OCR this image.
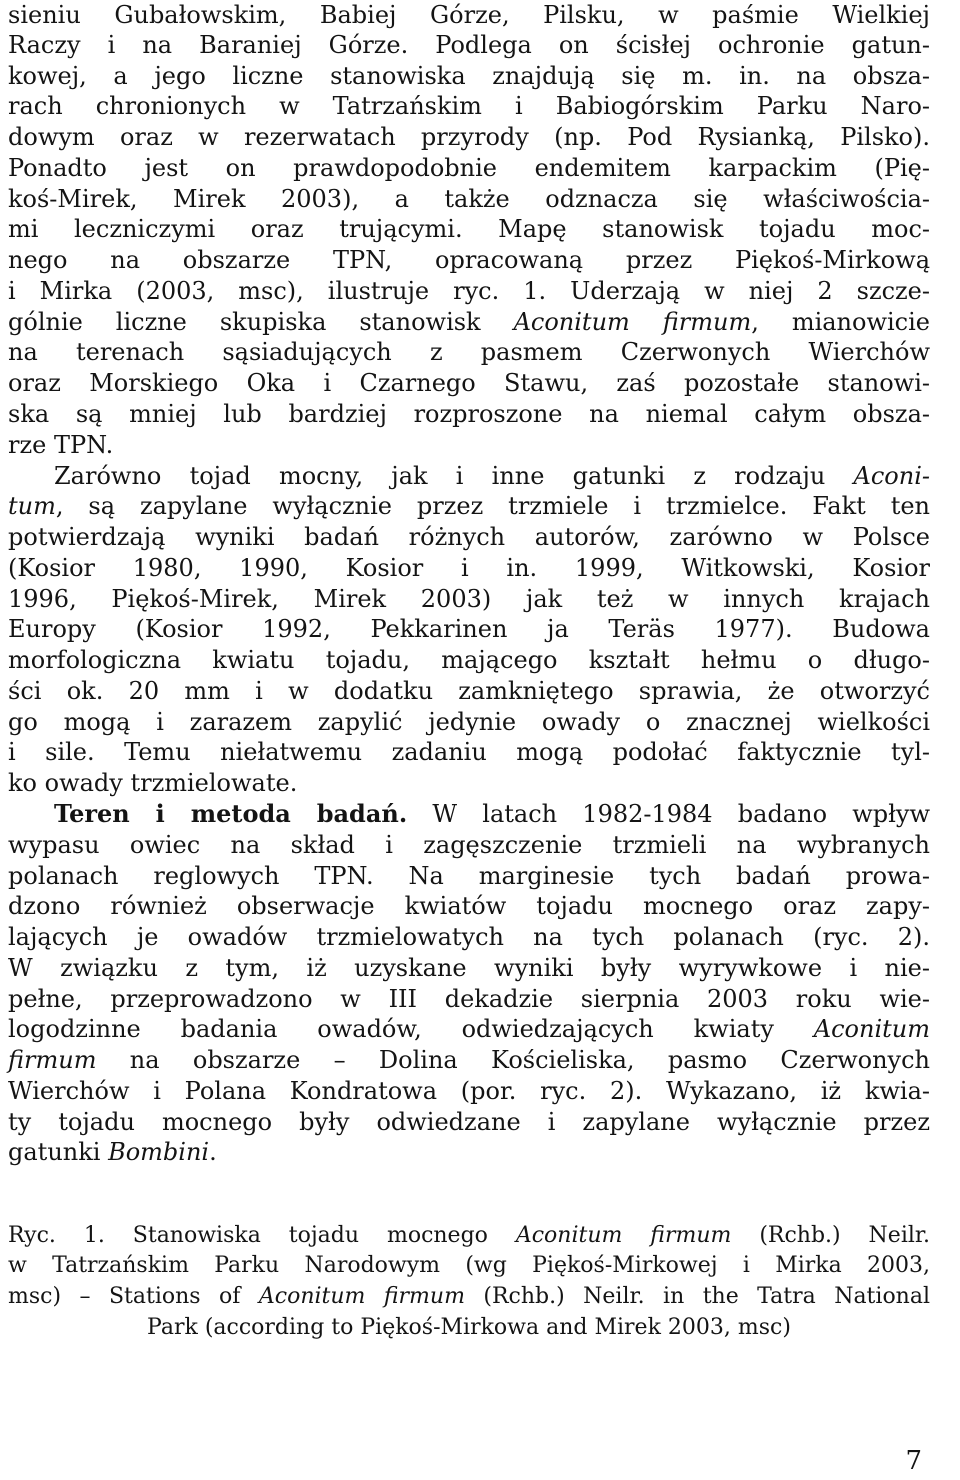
sieniu Gubałowskim, Babiej Górze, Pilsku, w paśmie Wielkiej
Raczy i na Baraniej Górze. Podlega on ścisłej ochronie gatun-
kowej, a jego liczne stanowiska znajdują się m. in. na obsza-
rach chronionych w Tatrzańskim i Babiogórskim Parku Naro-
dowym oraz w rezerwatach przyrody (np. Pod Rysianką, Pilsko).
Ponadto jest on prawdopodobnie endemitem karpackim (Pię-
koś-Mirek, Mirek 2003), a także odznacza się właściwościa-
mi leczniczymi oraz trującymi. Mapę stanowisk tojadu moc-
nego na obszarze TPN, opracowaną przez Piękoś-Mirkową
i Mirka (2003, msc), ilustruje ryc. 1. Uderzają w niej 2 szcze-
gólnie liczne skupiska stanowisk Aconitum firmum, mianowicie
na terenach sąsiadujących z pasmem Czerwonych Wierchów
oraz Morskiego Oka i Czarnego Stawu, zaś pozostałe stanowi-
ska są mniej lub bardziej rozproszone na niemal całym obsza-
rze TPN.
Zarówno tojad mocny, jak i inne gatunki z rodzaju Aconi-
tum, są zapylane wyłącznie przez trzmiele i trzmielce. Fakt ten
potwierdzają wyniki badań różnych autorów, zarówno w Polsce
(Kosior 1980, 1990, Kosior i in. 1999, Witkowski, Kosior
1996, Piękoś-Mirek, Mirek 2003) jak też w innych krajach
Europy (Kosior 1992, Pekkarinen ja Teräs 1977). Budowa
morfologiczna kwiatu tojadu, mającego kształt hełmu o długo-
ści ok. 20 mm i w dodatku zamkniętego sprawia, że otworzyć
go mogą i zarazem zapylić jedynie owady o znacznej wielkości
i sile. Temu niełatwemu zadaniu mogą podołać faktycznie tyl-
ko owady trzmielowate.
Teren i metoda badań. W latach 1982-1984 badano wpływ
wypasu owiec na skład i zagęszczenie trzmieli na wybranych
polanach reglowych TPN. Na marginesie tych badań prowa-
dzono również obserwacje kwiatów tojadu mocnego oraz zapy-
lających je owadów trzmielowatych na tych polanach (ryc. 2).
W związku z tym, iż uzyskane wyniki były wyrywkowe i nie-
pełne, przeprowadzono w III dekadzie sierpnia 2003 roku wie-
logodzinne badania owadów, odwiedzających kwiaty Aconitum
firmum na obszarze – Dolina Kościeliska, pasmo Czerwonych
Wierchów i Polana Kondratowa (por. ryc. 2). Wykazano, iż kwia-
ty tojadu mocnego były odwiedzane i zapylane wyłącznie przez
gatunki Bombini.
Ryc. 1. Stanowiska tojadu mocnego Aconitum firmum (Rchb.) Neilr.
w Tatrzańskim Parku Narodowym (wg Piękoś-Mirkowej i Mirka 2003,
msc) – Stations of Aconitum firmum (Rchb.) Neilr. in the Tatra National
Park (according to Piękoś-Mirkowa and Mirek 2003, msc)
7
